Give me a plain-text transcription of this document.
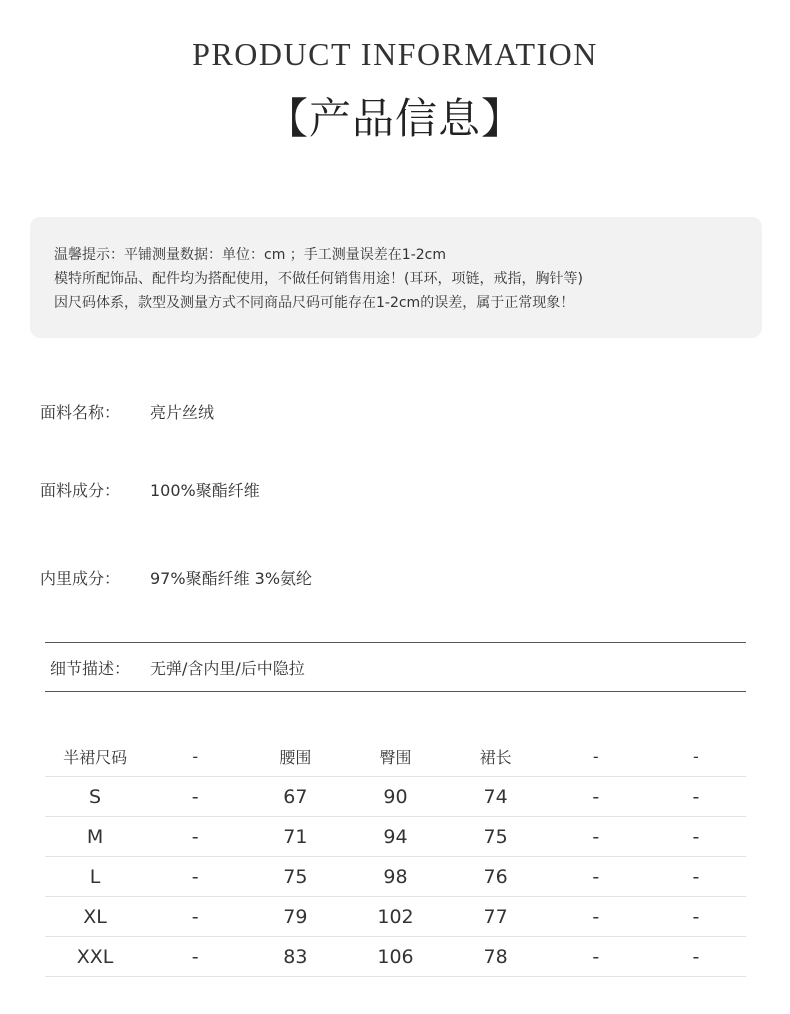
PRODUCT INFORMATION
【产品信息】
温馨提示：平铺测量数据：单位：cm ；手工测量误差在1-2cm
模特所配饰品、配件均为搭配使用，不做任何销售用途！(耳环，项链，戒指，胸针等)
因尺码体系，款型及测量方式不同商品尺码可能存在1-2cm的误差，属于正常现象！
面料名称： 亮片丝绒
面料成分： 100%聚酯纤维
内里成分： 97%聚酯纤维 3%氨纶
细节描述： 无弹/含内里/后中隐拉
半裙尺码	-	腰围	臀围	裙长	-	-
S	-	67	90	74	-	-
M	-	71	94	75	-	-
L	-	75	98	76	-	-
XL	-	79	102	77	-	-
XXL	-	83	106	78	-	-
